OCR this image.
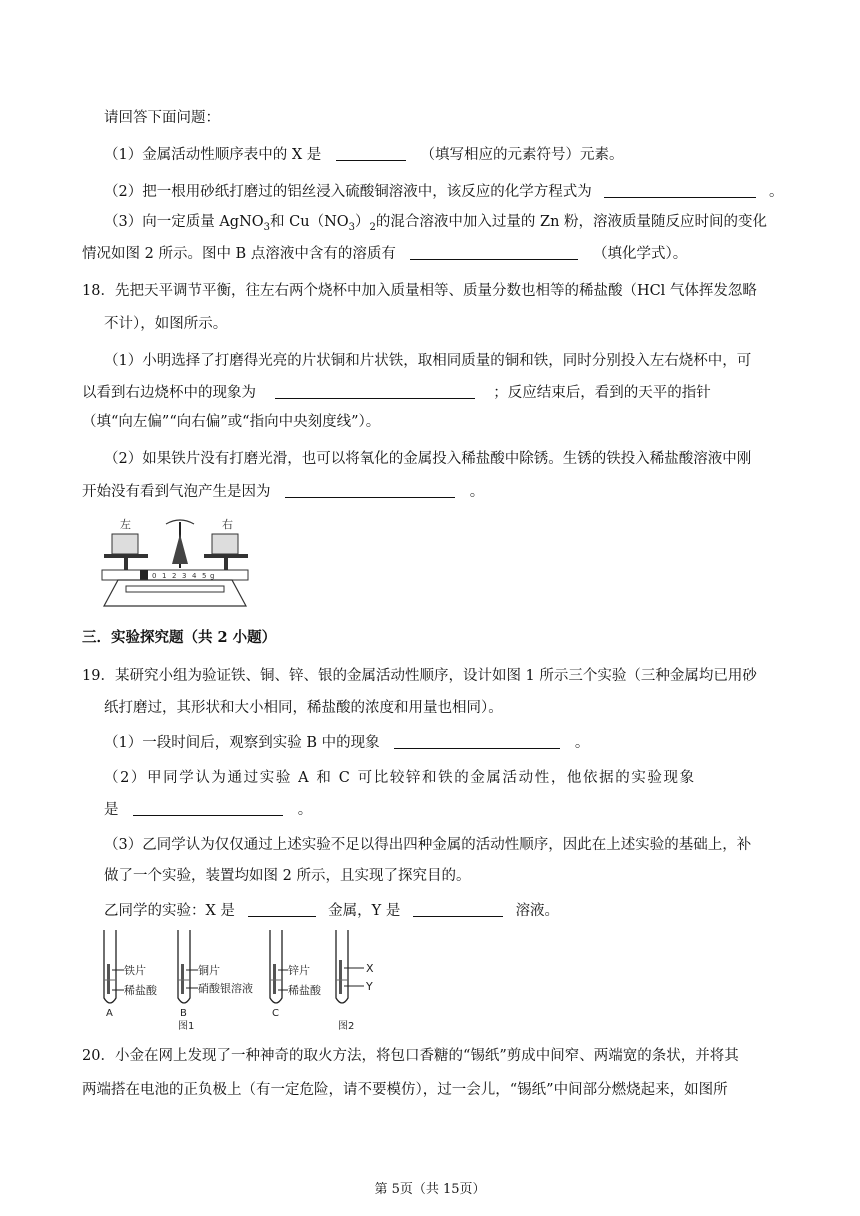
请回答下面问题：
（1）金属活动性顺序表中的 X 是	（填写相应的元素符号）元素。
（2）把一根用砂纸打磨过的铝丝浸入硫酸铜溶液中，该反应的化学方程式为	。
（3）向一定质量 AgNO$_3$和 $Cu(NO_3)_2$的混合溶液中加入过量的 Zn 粉，溶液质量随反应时间的变化
情况如图 2 所示。图中 B 点溶液中含有的溶质有	（填化学式）。
18．先把天平调节平衡，往左右两个烧杯中加入质量相等、质量分数也相等的稀盐酸（HCl 气体挥发忽略
不计），如图所示。
（1）小明选择了打磨得光亮的片状铜和片状铁，取相同质量的铜和铁，同时分别投入左右烧杯中，可
以看到右边烧杯中的现象为	；反应结束后，看到的天平的指针
（填“向左偏”“向右偏”或“指向中央刻度线”）。
（2）如果铁片没有打磨光滑，也可以将氧化的金属投入稀盐酸中除锈。生锈的铁投入稀盐酸溶液中刚
开始没有看到气泡产生是因为	。
左	右
0 1 2 3 4 5 g
三．实验探究题（共 2 小题）
19．某研究小组为验证铁、铜、锌、银的金属活动性顺序，设计如图 1 所示三个实验（三种金属均已用砂
纸打磨过，其形状和大小相同，稀盐酸的浓度和用量也相同）。
（1）一段时间后，观察到实验 B 中的现象	。
（2）甲同学认为通过实验 A 和 C 可比较锌和铁的金属活动性，他依据的实验现象
是	。
（3）乙同学认为仅仅通过上述实验不足以得出四种金属的活动性顺序，因此在上述实验的基础上，补
做了一个实验，装置均如图 2 所示，且实现了探究目的。
乙同学的实验：X 是	金属，Y 是	溶液。
铁片
稀盐酸
A
铜片
硝酸银溶液
B
图1
锌片
稀盐酸
C
X
Y
图2
20．小金在网上发现了一种神奇的取火方法，将包口香糖的“锡纸”剪成中间窄、两端宽的条状，并将其
两端搭在电池的正负极上（有一定危险，请不要模仿），过一会儿，“锡纸”中间部分燃烧起来，如图所
第 5页（共 15页）
